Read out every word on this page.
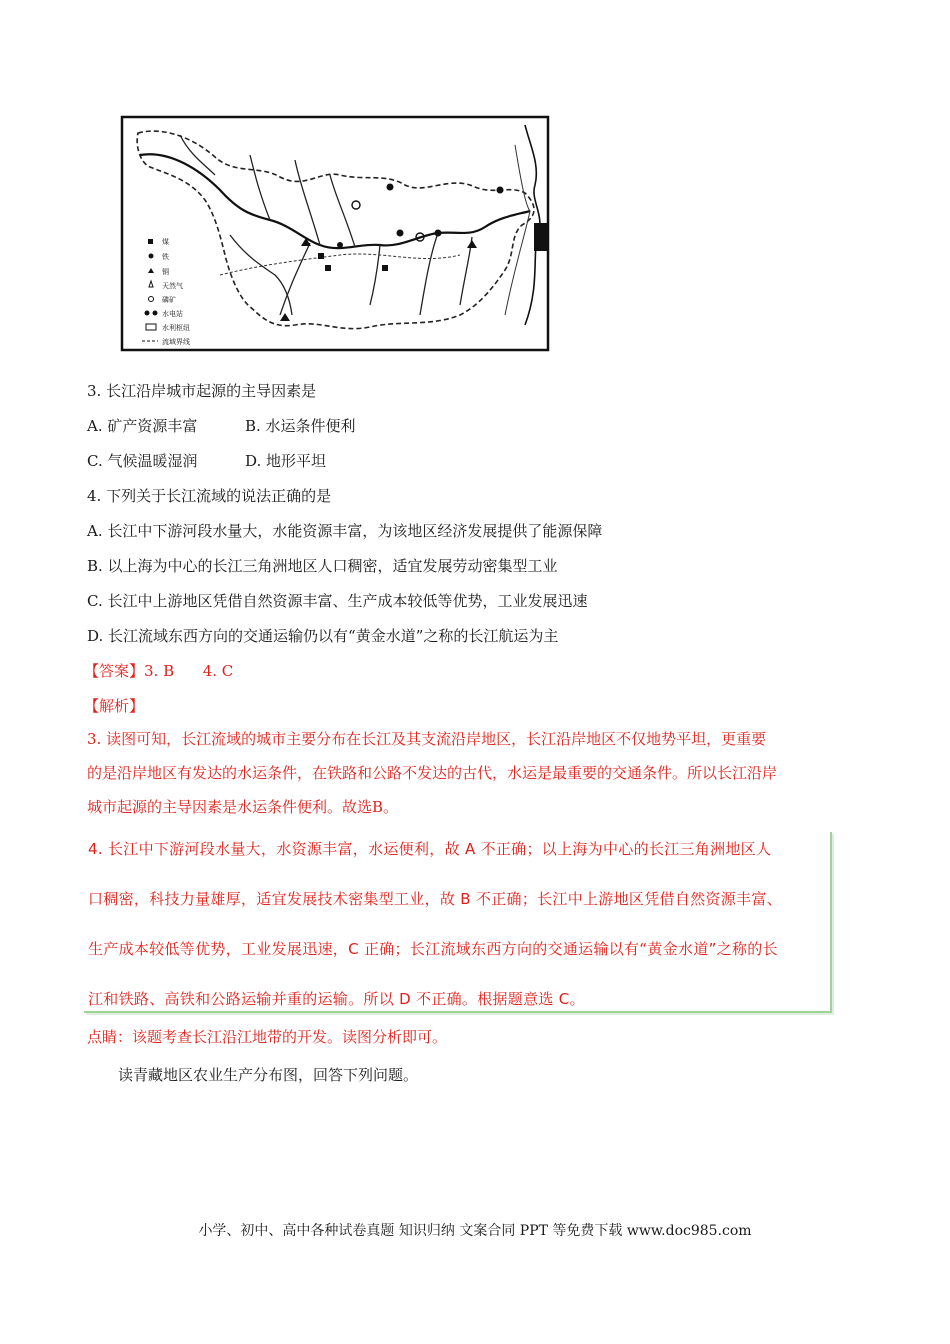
煤
铁
铜
天然气
磷矿
水电站
水利枢纽
流域界线
3. 长江沿岸城市起源的主导因素是
A. 矿产资源丰富	B. 水运条件便利
C. 气候温暖湿润	D. 地形平坦
4. 下列关于长江流域的说法正确的是
A. 长江中下游河段水量大，水能资源丰富，为该地区经济发展提供了能源保障
B. 以上海为中心的长江三角洲地区人口稠密，适宜发展劳动密集型工业
C. 长江中上游地区凭借自然资源丰富、生产成本较低等优势，工业发展迅速
D. 长江流域东西方向的交通运输仍以有“黄金水道”之称的长江航运为主
【答案】3. B      4. C
【解析】
3. 读图可知，长江流域的城市主要分布在长江及其支流沿岸地区，长江沿岸地区不仅地势平坦，更重要
的是沿岸地区有发达的水运条件，在铁路和公路不发达的古代，水运是最重要的交通条件。所以长江沿岸
城市起源的主导因素是水运条件便利。故选B。
4. 长江中下游河段水量大，水资源丰富，水运便利，故 A 不正确；以上海为中心的长江三角洲地区人
口稠密，科技力量雄厚，适宜发展技术密集型工业，故 B 不正确；长江中上游地区凭借自然资源丰富、
生产成本较低等优势，工业发展迅速，C 正确；长江流域东西方向的交通运输以有“黄金水道”之称的长
江和铁路、高铁和公路运输并重的运输。所以 D 不正确。根据题意选 C。
点睛：该题考查长江沿江地带的开发。读图分析即可。
读青藏地区农业生产分布图，回答下列问题。
小学、初中、高中各种试卷真题 知识归纳 文案合同 PPT 等免费下载 www.doc985.com
